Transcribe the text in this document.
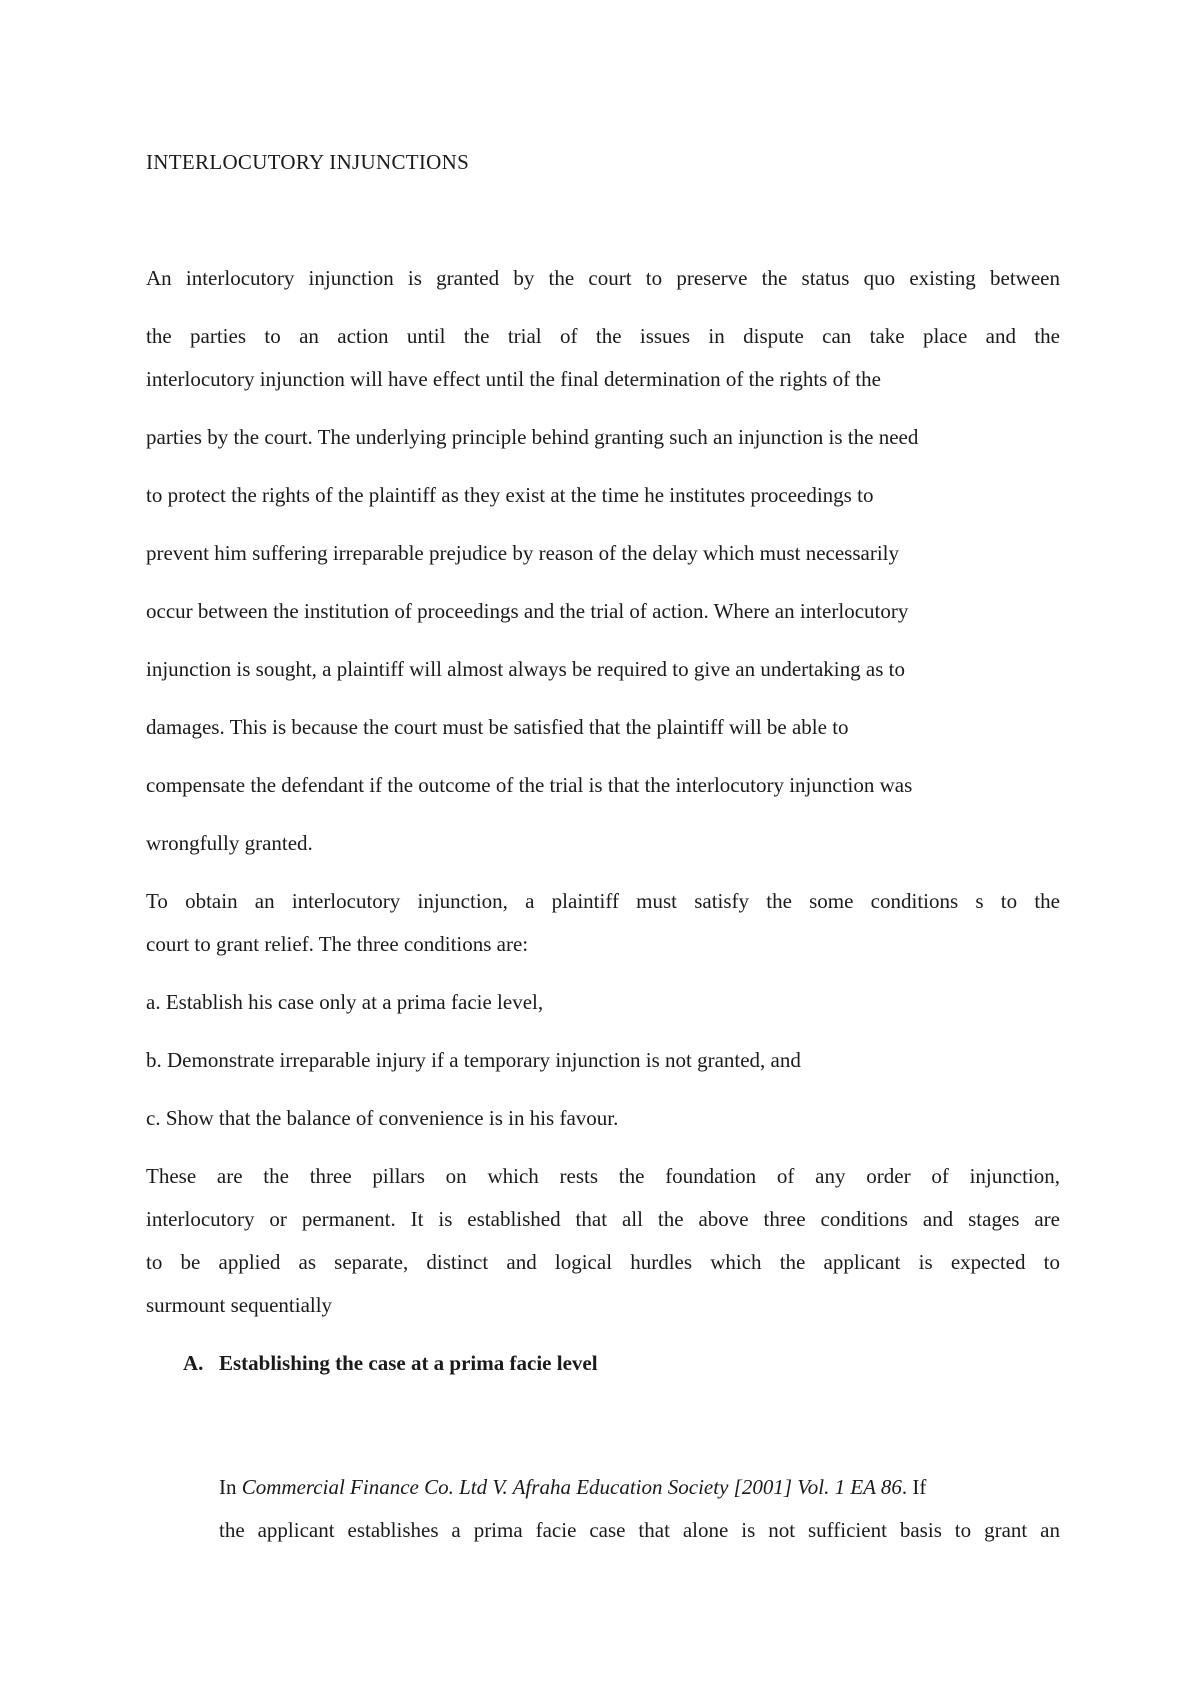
INTERLOCUTORY INJUNCTIONS

An interlocutory injunction is granted by the court to preserve the status quo existing between

the parties to an action until the trial of the issues in dispute can take place and the

interlocutory injunction will have effect until the final determination of the rights of the

parties by the court. The underlying principle behind granting such an injunction is the need

to protect the rights of the plaintiff as they exist at the time he institutes proceedings to

prevent him suffering irreparable prejudice by reason of the delay which must necessarily

occur between the institution of proceedings and the trial of action. Where an interlocutory

injunction is sought, a plaintiff will almost always be required to give an undertaking as to

damages. This is because the court must be satisfied that the plaintiff will be able to

compensate the defendant if the outcome of the trial is that the interlocutory injunction was

wrongfully granted.

To obtain an interlocutory injunction, a plaintiff must satisfy the some conditions s to the

court to grant relief. The three conditions are:

a. Establish his case only at a prima facie level,

b. Demonstrate irreparable injury if a temporary injunction is not granted, and

c. Show that the balance of convenience is in his favour.

These are the three pillars on which rests the foundation of any order of injunction,

interlocutory or permanent. It is established that all the above three conditions and stages are

to be applied as separate, distinct and logical hurdles which the applicant is expected to

surmount sequentially

A. Establishing the case at a prima facie level

In Commercial Finance Co. Ltd V. Afraha Education Society [2001] Vol. 1 EA 86. If

the applicant establishes a prima facie case that alone is not sufficient basis to grant an
